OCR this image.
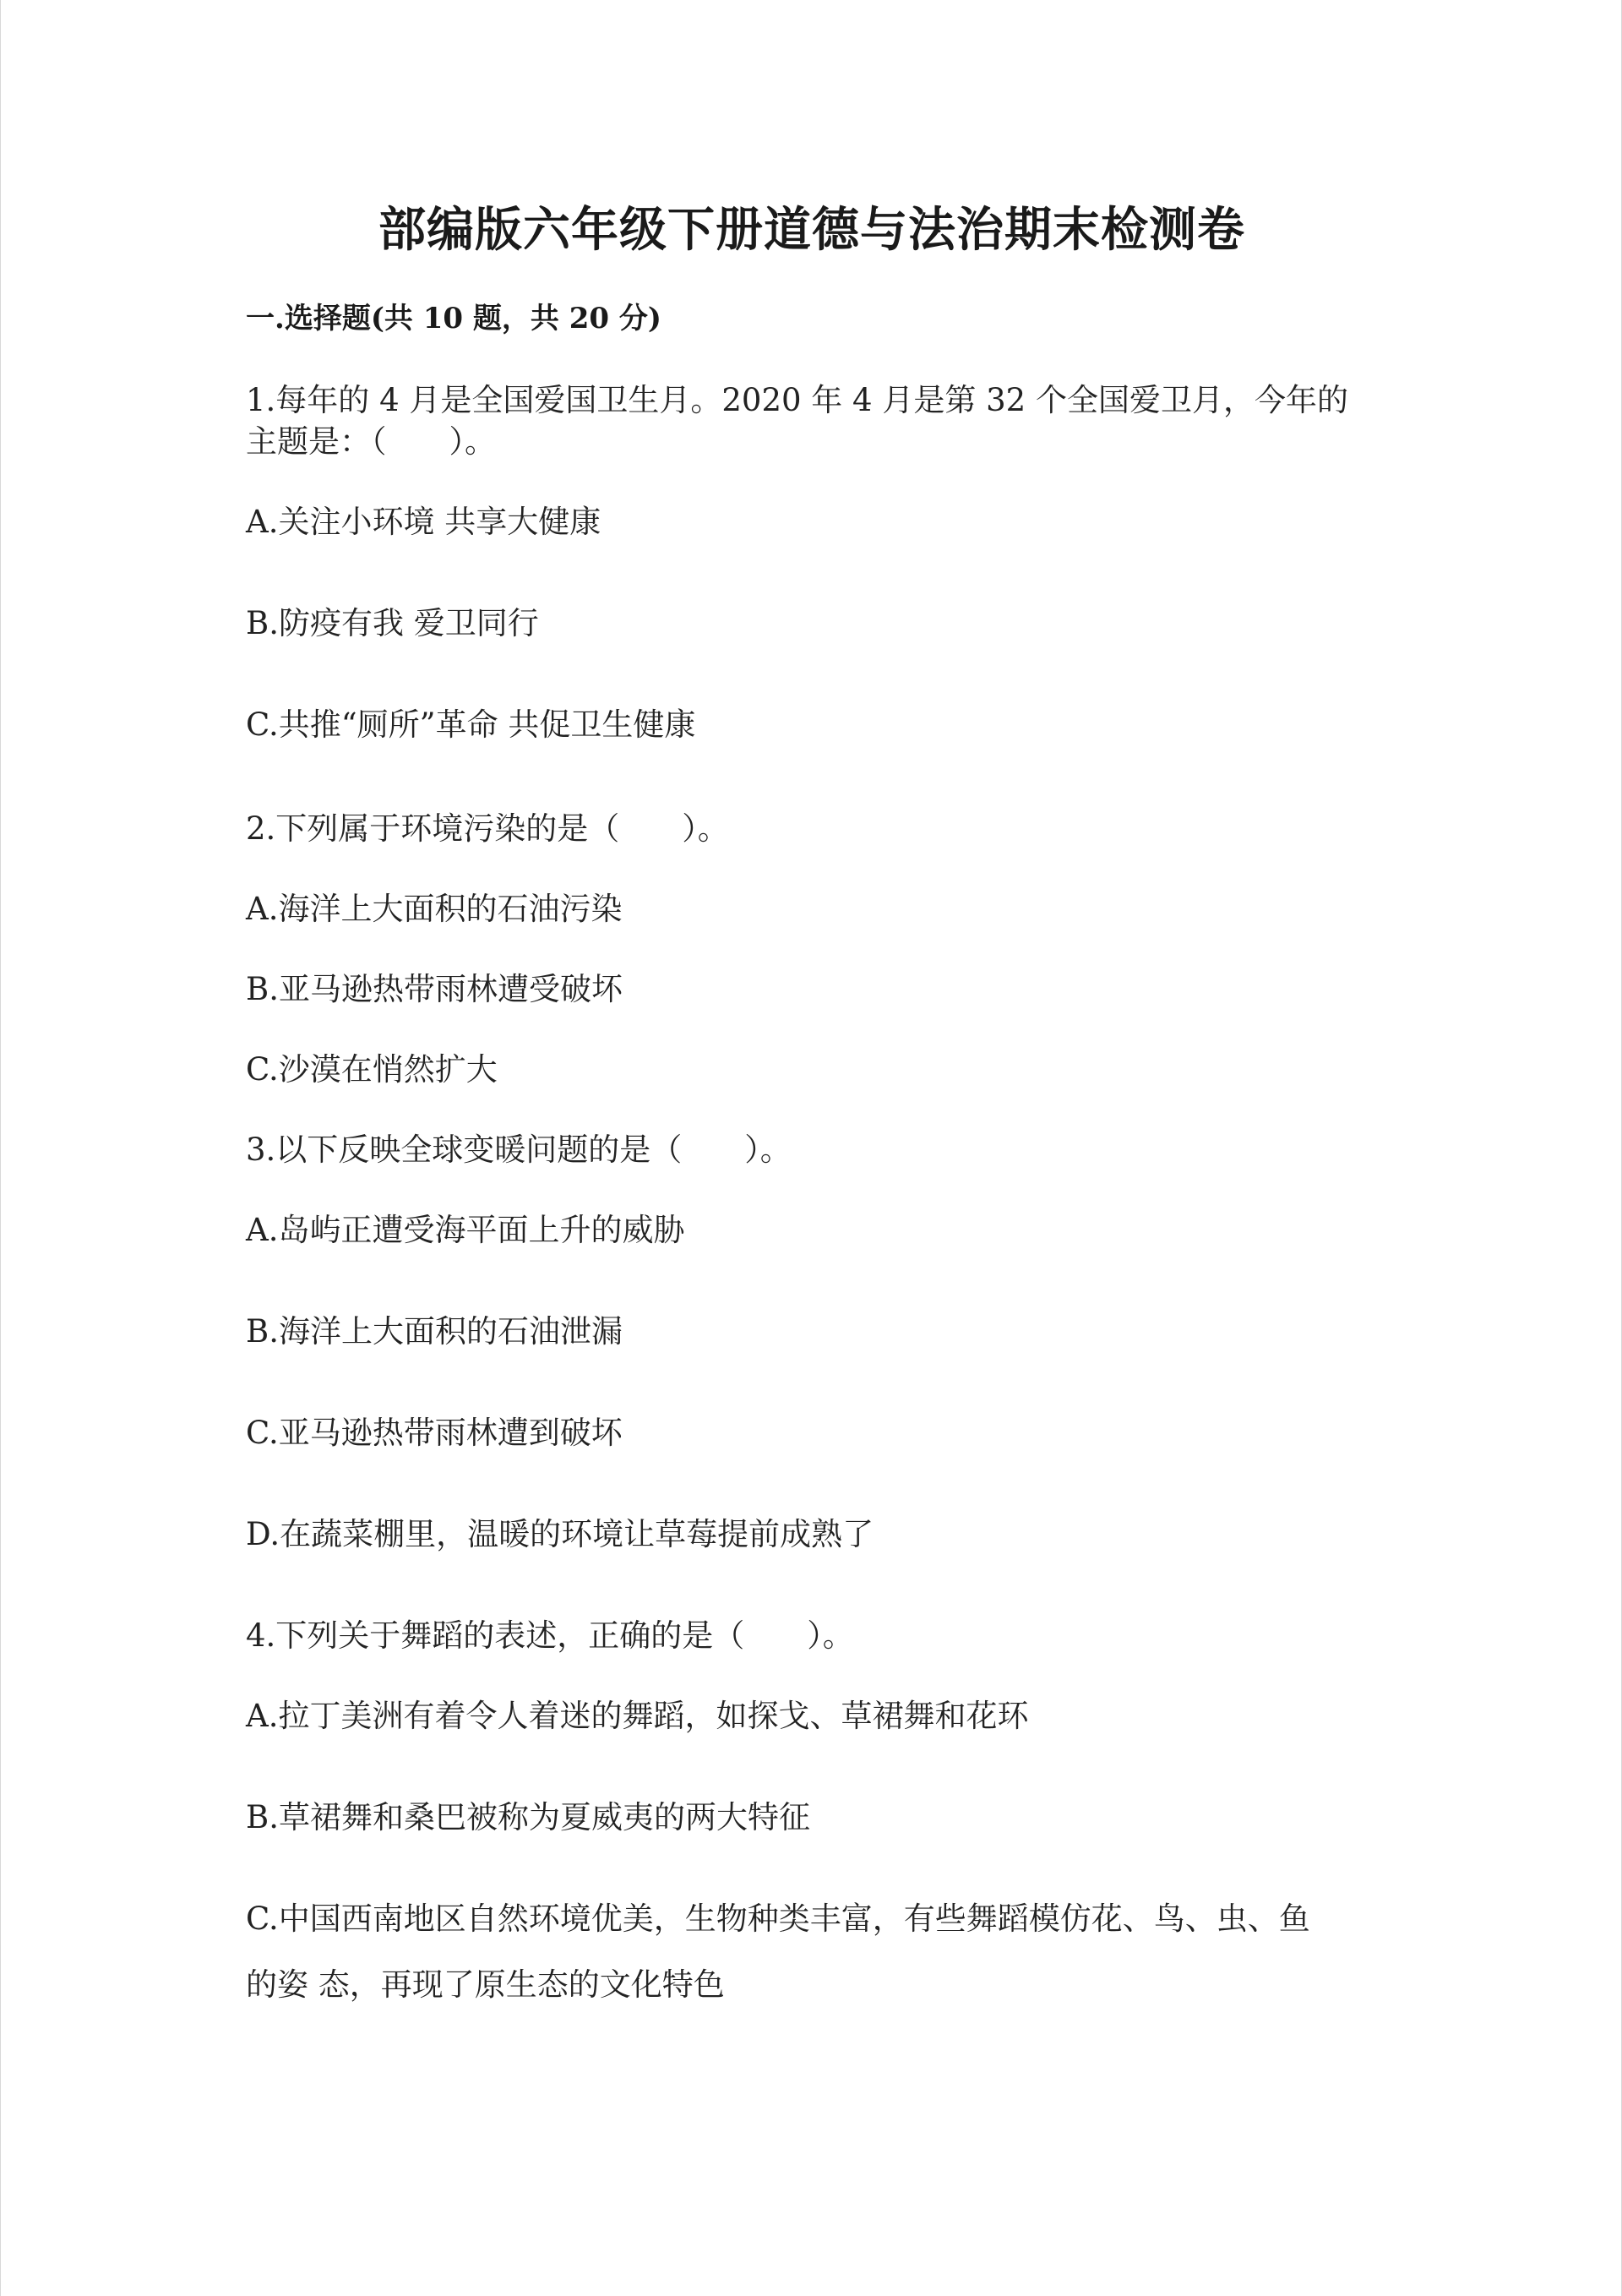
部编版六年级下册道德与法治期末检测卷
一.选择题(共 10 题，共 20 分)
1.每年的 4 月是全国爱国卫生月。2020 年 4 月是第 32 个全国爱卫月，今年的
主题是：（　　）。
A.关注小环境 共享大健康
B.防疫有我 爱卫同行
C.共推“厕所”革命 共促卫生健康
2.下列属于环境污染的是（　　）。
A.海洋上大面积的石油污染
B.亚马逊热带雨林遭受破坏
C.沙漠在悄然扩大
3.以下反映全球变暖问题的是（　　）。
A.岛屿正遭受海平面上升的威胁
B.海洋上大面积的石油泄漏
C.亚马逊热带雨林遭到破坏
D.在蔬菜棚里，温暖的环境让草莓提前成熟了
4.下列关于舞蹈的表述，正确的是（　　）。
A.拉丁美洲有着令人着迷的舞蹈，如探戈、草裙舞和花环
B.草裙舞和桑巴被称为夏威夷的两大特征
C.中国西南地区自然环境优美，生物种类丰富，有些舞蹈模仿花、鸟、虫、鱼
的姿 态，再现了原生态的文化特色
